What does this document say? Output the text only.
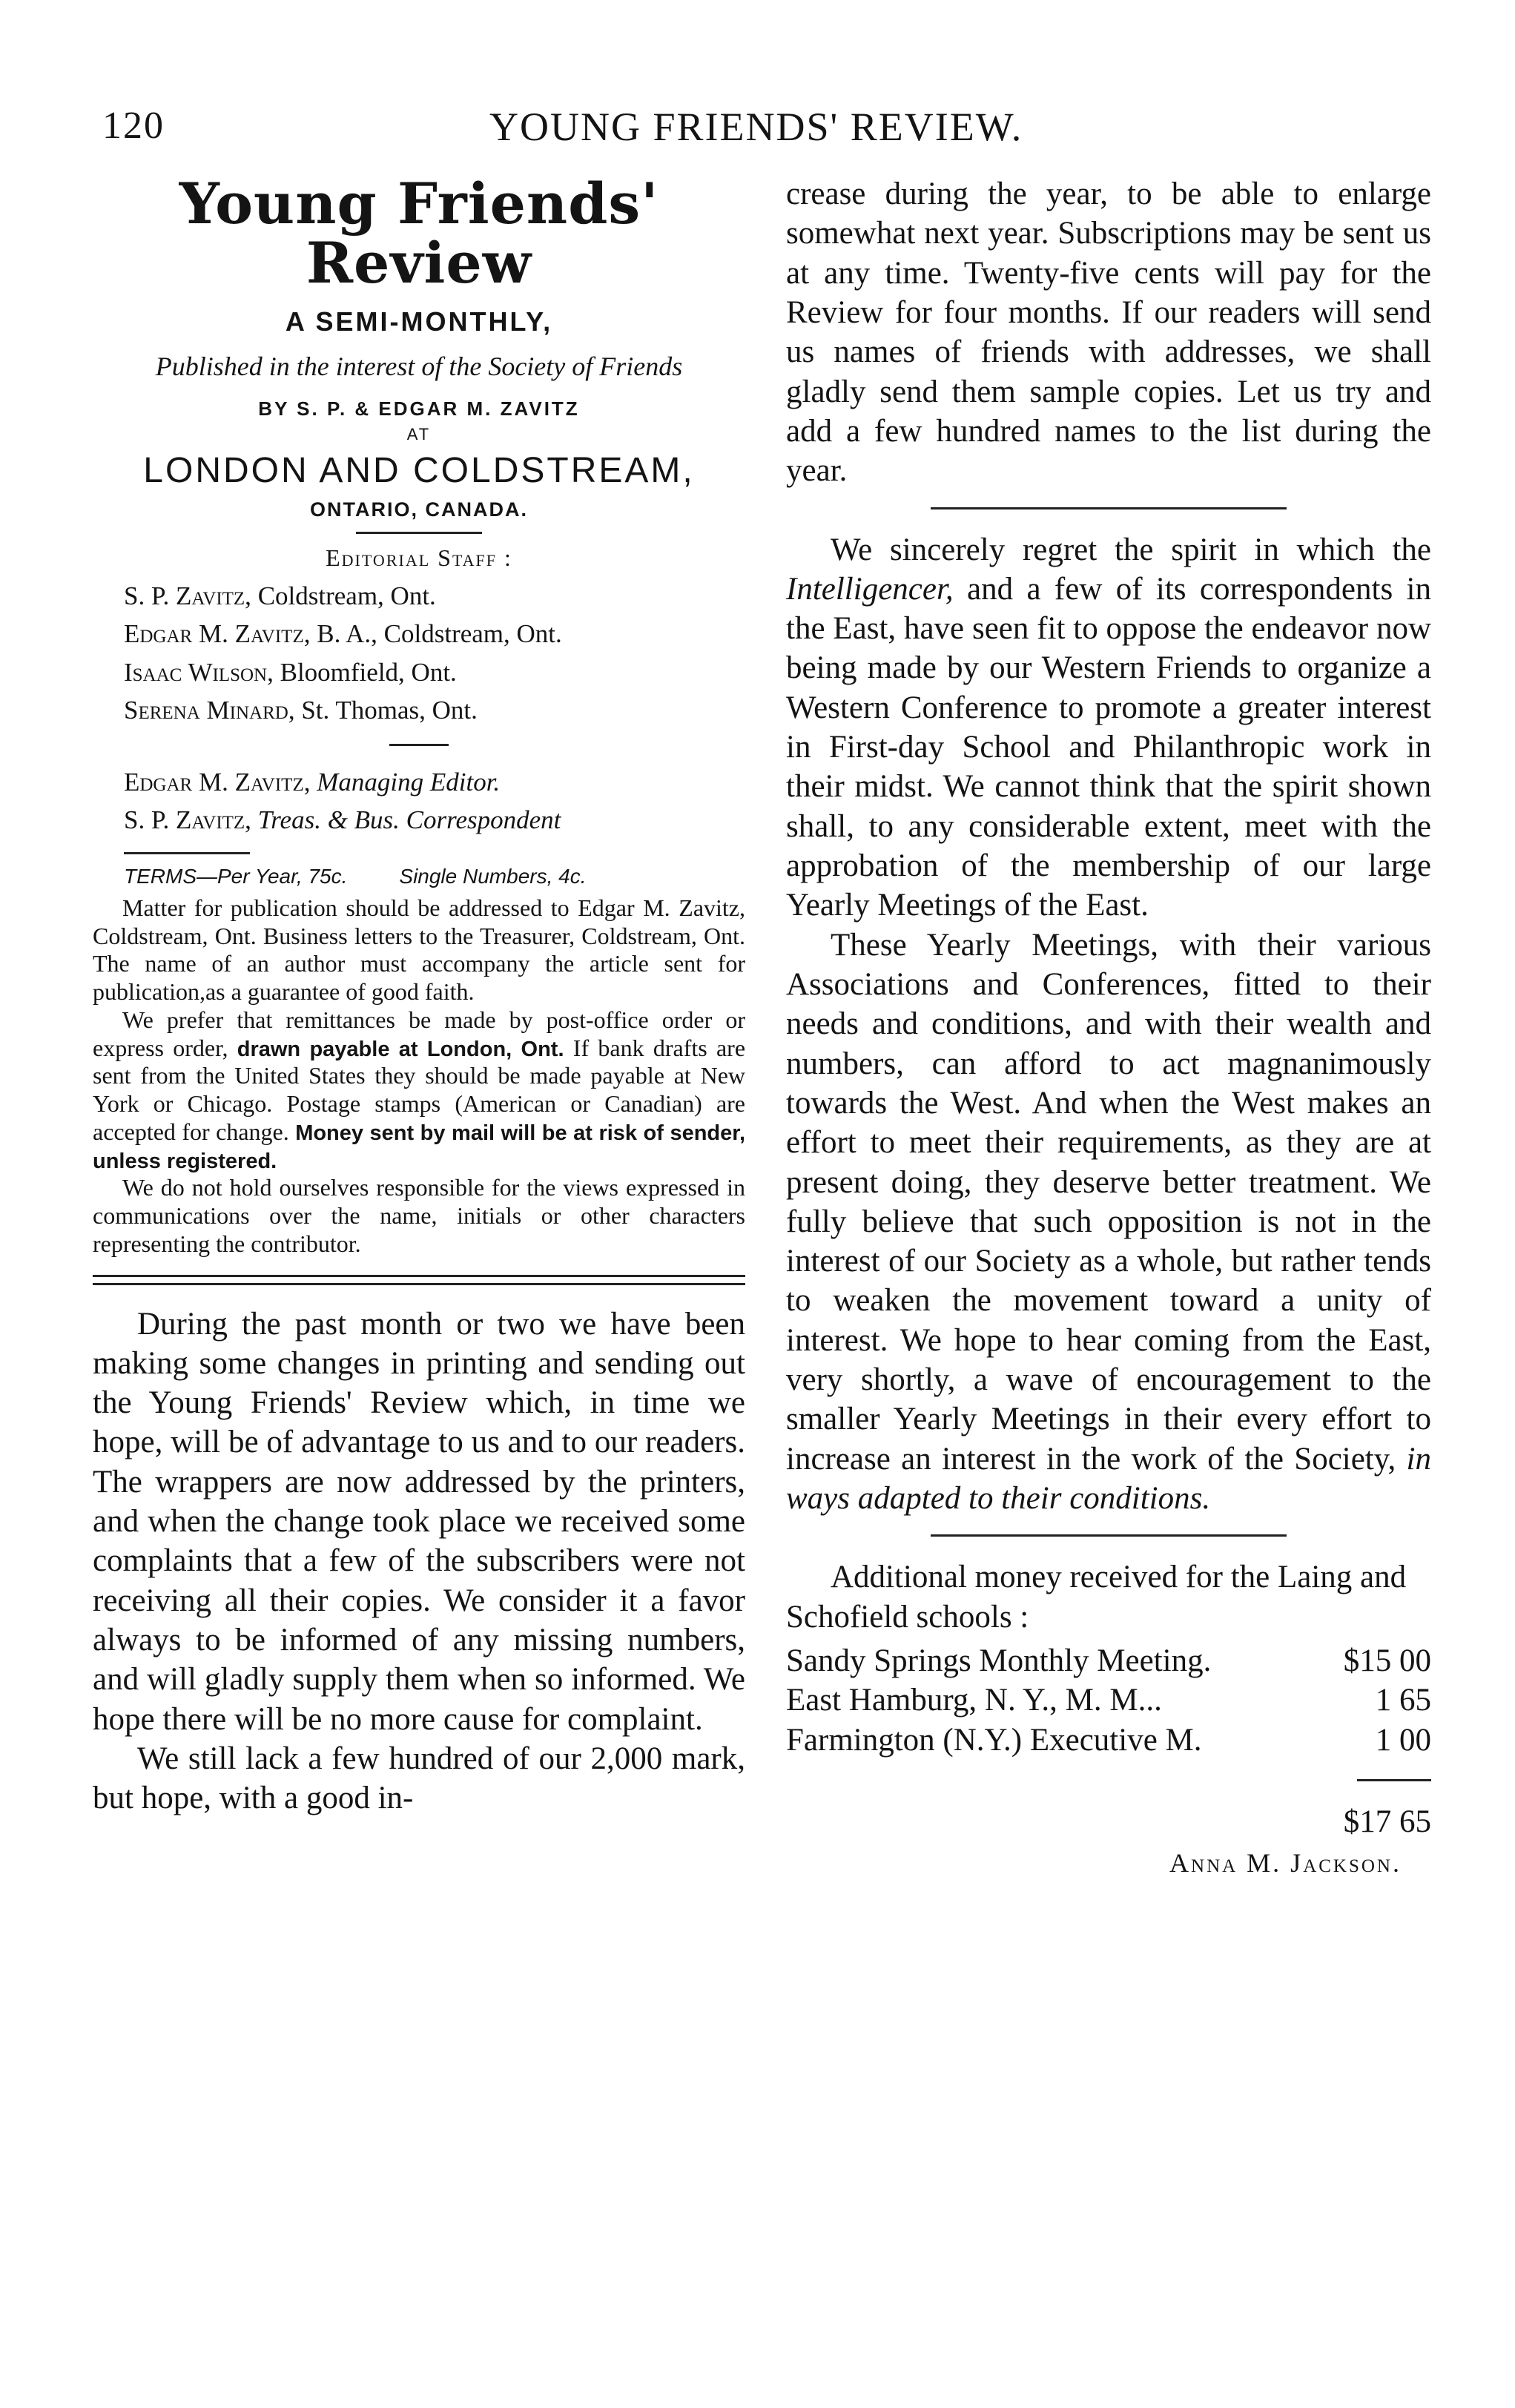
120	YOUNG FRIENDS' REVIEW.
Young Friends' Review
A SEMI-MONTHLY,
Published in the interest of the Society of Friends
BY S. P. & EDGAR M. ZAVITZ
AT
LONDON AND COLDSTREAM,
ONTARIO, CANADA.
Editorial Staff :
S. P. Zavitz, Coldstream, Ont.
Edgar M. Zavitz, B. A., Coldstream, Ont.
Isaac Wilson, Bloomfield, Ont.
Serena Minard, St. Thomas, Ont.
Edgar M. Zavitz, Managing Editor.
S. P. Zavitz, Treas. & Bus. Correspondent
TERMS—Per Year, 75c.	Single Numbers, 4c.

Matter for publication should be addressed to Edgar M. Zavitz, Coldstream, Ont. Business letters to the Treasurer, Coldstream, Ont. The name of an author must accompany the article sent for publication,as a guarantee of good faith.

We prefer that remittances be made by post-office order or express order, drawn payable at London, Ont. If bank drafts are sent from the United States they should be made payable at New York or Chicago. Postage stamps (American or Canadian) are accepted for change. Money sent by mail will be at risk of sender, unless registered.

We do not hold ourselves responsible for the views expressed in communications over the name, initials or other characters representing the contributor.

During the past month or two we have been making some changes in printing and sending out the Young Friends' Review which, in time we hope, will be of advantage to us and to our readers. The wrappers are now addressed by the printers, and when the change took place we received some complaints that a few of the subscribers were not receiving all their copies. We consider it a favor always to be informed of any missing numbers, and will gladly supply them when so informed. We hope there will be no more cause for complaint.

We still lack a few hundred of our 2,000 mark, but hope, with a good in-

crease during the year, to be able to enlarge somewhat next year. Subscriptions may be sent us at any time. Twenty-five cents will pay for the Review for four months. If our readers will send us names of friends with addresses, we shall gladly send them sample copies. Let us try and add a few hundred names to the list during the year.

We sincerely regret the spirit in which the Intelligencer, and a few of its correspondents in the East, have seen fit to oppose the endeavor now being made by our Western Friends to organize a Western Conference to promote a greater interest in First-day School and Philanthropic work in their midst. We cannot think that the spirit shown shall, to any considerable extent, meet with the approbation of the membership of our large Yearly Meetings of the East.

These Yearly Meetings, with their various Associations and Conferences, fitted to their needs and conditions, and with their wealth and numbers, can afford to act magnanimously towards the West. And when the West makes an effort to meet their requirements, as they are at present doing, they deserve better treatment. We fully believe that such opposition is not in the interest of our Society as a whole, but rather tends to weaken the movement toward a unity of interest. We hope to hear coming from the East, very shortly, a wave of encouragement to the smaller Yearly Meetings in their every effort to increase an interest in the work of the Society, in ways adapted to their conditions.

Additional money received for the Laing and Schofield schools :

Sandy Springs Monthly Meeting.	$15 00
East Hamburg, N. Y., M. M...	1 65
Farmington (N.Y.) Executive M.	1 00

$17 65

Anna M. Jackson.
